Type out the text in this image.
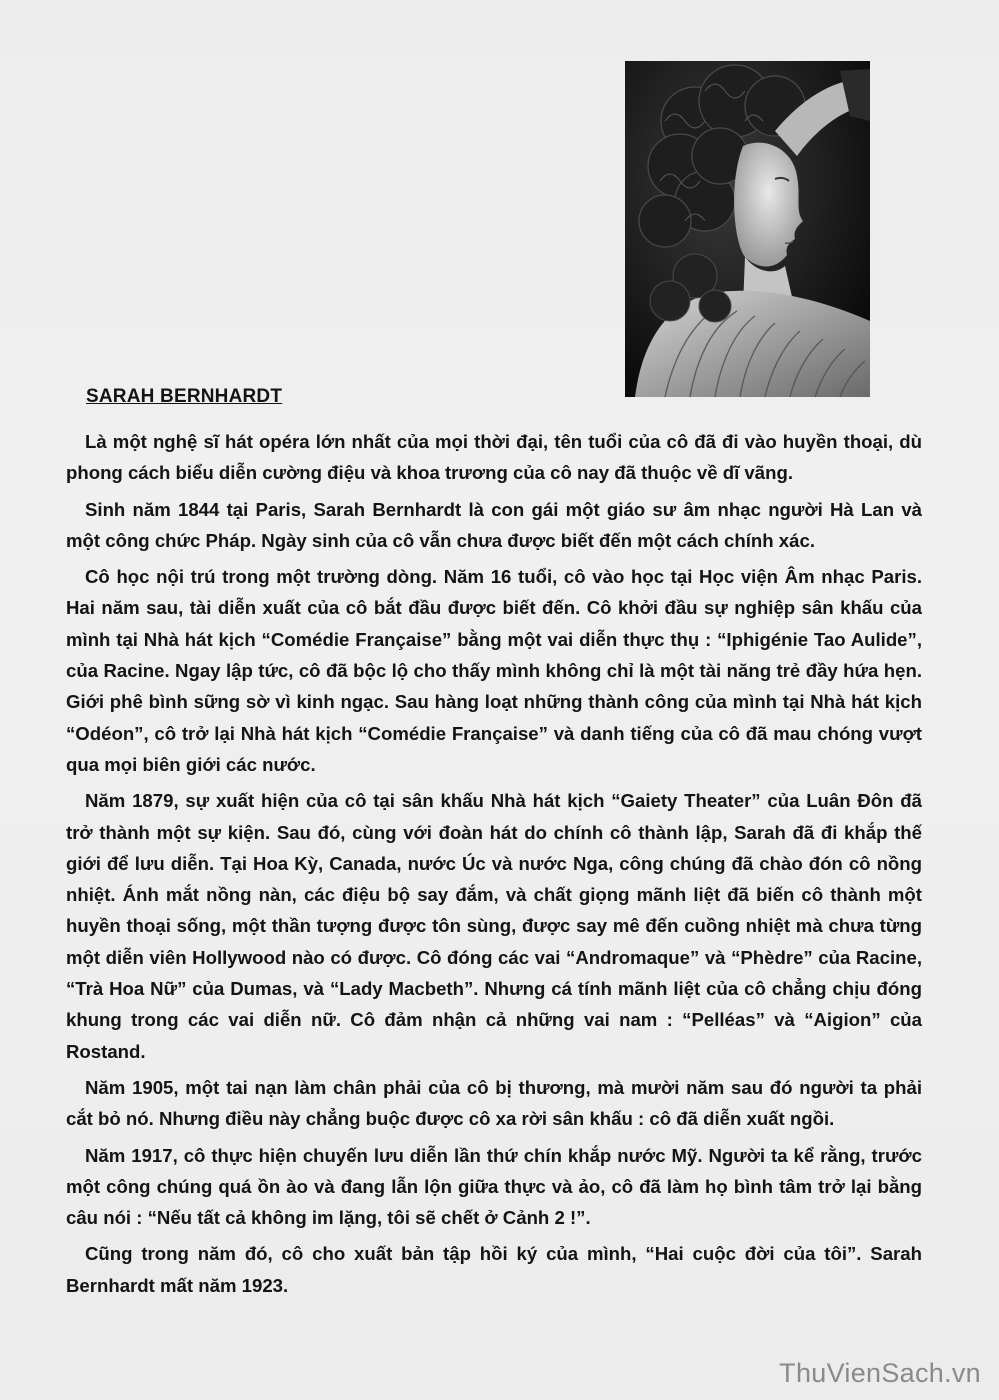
SARAH BERNHARDT

Là một nghệ sĩ hát opéra lớn nhất của mọi thời đại, tên tuổi của cô đã đi vào huyền thoại, dù phong cách biểu diễn cường điệu và khoa trương của cô nay đã thuộc về dĩ vãng.

Sinh năm 1844 tại Paris, Sarah Bernhardt là con gái một giáo sư âm nhạc người Hà Lan và một công chức Pháp. Ngày sinh của cô vẫn chưa được biết đến một cách chính xác.

Cô học nội trú trong một trường dòng. Năm 16 tuổi, cô vào học tại Học viện Âm nhạc Paris. Hai năm sau, tài diễn xuất của cô bắt đầu được biết đến. Cô khởi đầu sự nghiệp sân khấu của mình tại Nhà hát kịch “Comédie Française” bằng một vai diễn thực thụ : “Iphigénie Tao Aulide”, của Racine. Ngay lập tức, cô đã bộc lộ cho thấy mình không chỉ là một tài năng trẻ đầy hứa hẹn. Giới phê bình sững sờ vì kinh ngạc. Sau hàng loạt những thành công của mình tại Nhà hát kịch “Odéon”, cô trở lại Nhà hát kịch “Comédie Française” và danh tiếng của cô đã mau chóng vượt qua mọi biên giới các nước.

Năm 1879, sự xuất hiện của cô tại sân khấu Nhà hát kịch “Gaiety Theater” của Luân Đôn đã trở thành một sự kiện. Sau đó, cùng với đoàn hát do chính cô thành lập, Sarah đã đi khắp thế giới để lưu diễn. Tại Hoa Kỳ, Canada, nước Úc và nước Nga, công chúng đã chào đón cô nồng nhiệt. Ánh mắt nồng nàn, các điệu bộ say đắm, và chất giọng mãnh liệt đã biến cô thành một huyền thoại sống, một thần tượng được tôn sùng, được say mê đến cuồng nhiệt mà chưa từng một diễn viên Hollywood nào có được. Cô đóng các vai “Andromaque” và “Phèdre” của Racine, “Trà Hoa Nữ” của Dumas, và “Lady Macbeth”. Nhưng cá tính mãnh liệt của cô chẳng chịu đóng khung trong các vai diễn nữ. Cô đảm nhận cả những vai nam : “Pelléas” và “Aigion” của Rostand.

Năm 1905, một tai nạn làm chân phải của cô bị thương, mà mười năm sau đó người ta phải cắt bỏ nó. Nhưng điều này chẳng buộc được cô xa rời sân khấu : cô đã diễn xuất ngồi.

Năm 1917, cô thực hiện chuyến lưu diễn lần thứ chín khắp nước Mỹ. Người ta kể rằng, trước một công chúng quá ồn ào và đang lẫn lộn giữa thực và ảo, cô đã làm họ bình tâm trở lại bằng câu nói : “Nếu tất cả không im lặng, tôi sẽ chết ở Cảnh 2 !”.

Cũng trong năm đó, cô cho xuất bản tập hồi ký của mình, “Hai cuộc đời của tôi”. Sarah Bernhardt mất năm 1923.

ThuVienSach.vn
